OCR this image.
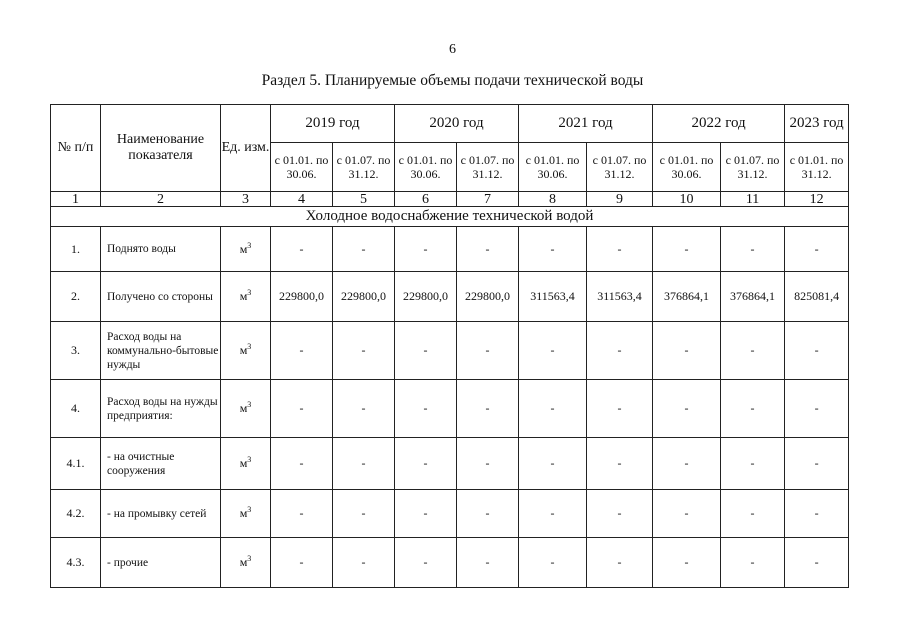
6
Раздел 5. Планируемые объемы подачи технической воды
№ п/п	Наименование показателя	Ед. изм.	2019 год		2020 год		2021 год		2022 год		2023 год
			с 01.01. по 30.06.	с 01.07. по 31.12.	с 01.01. по 30.06.	с 01.07. по 31.12.	с 01.01. по 30.06.	с 01.07. по 31.12.	с 01.01. по 30.06.	с 01.07. по 31.12.	с 01.01. по 31.12.
1	2	3	4	5	6	7	8	9	10	11	12
Холодное водоснабжение технической водой											
1.	Поднято воды	$м^3$	-	-	-	-	-	-	-	-	-
2.	Получено со стороны	$м^3$	229800,0	229800,0	229800,0	229800,0	311563,4	311563,4	376864,1	376864,1	825081,4
3.	Расход воды на коммунально-бытовые нужды	$м^3$	-	-	-	-	-	-	-	-	-
4.	Расход воды на нужды предприятия:	$м^3$	-	-	-	-	-	-	-	-	-
4.1.	- на очистные сооружения	$м^3$	-	-	-	-	-	-	-	-	-
4.2.	- на промывку сетей	$м^3$	-	-	-	-	-	-	-	-	-
4.3.	- прочие	$м^3$	-	-	-	-	-	-	-	-	-
